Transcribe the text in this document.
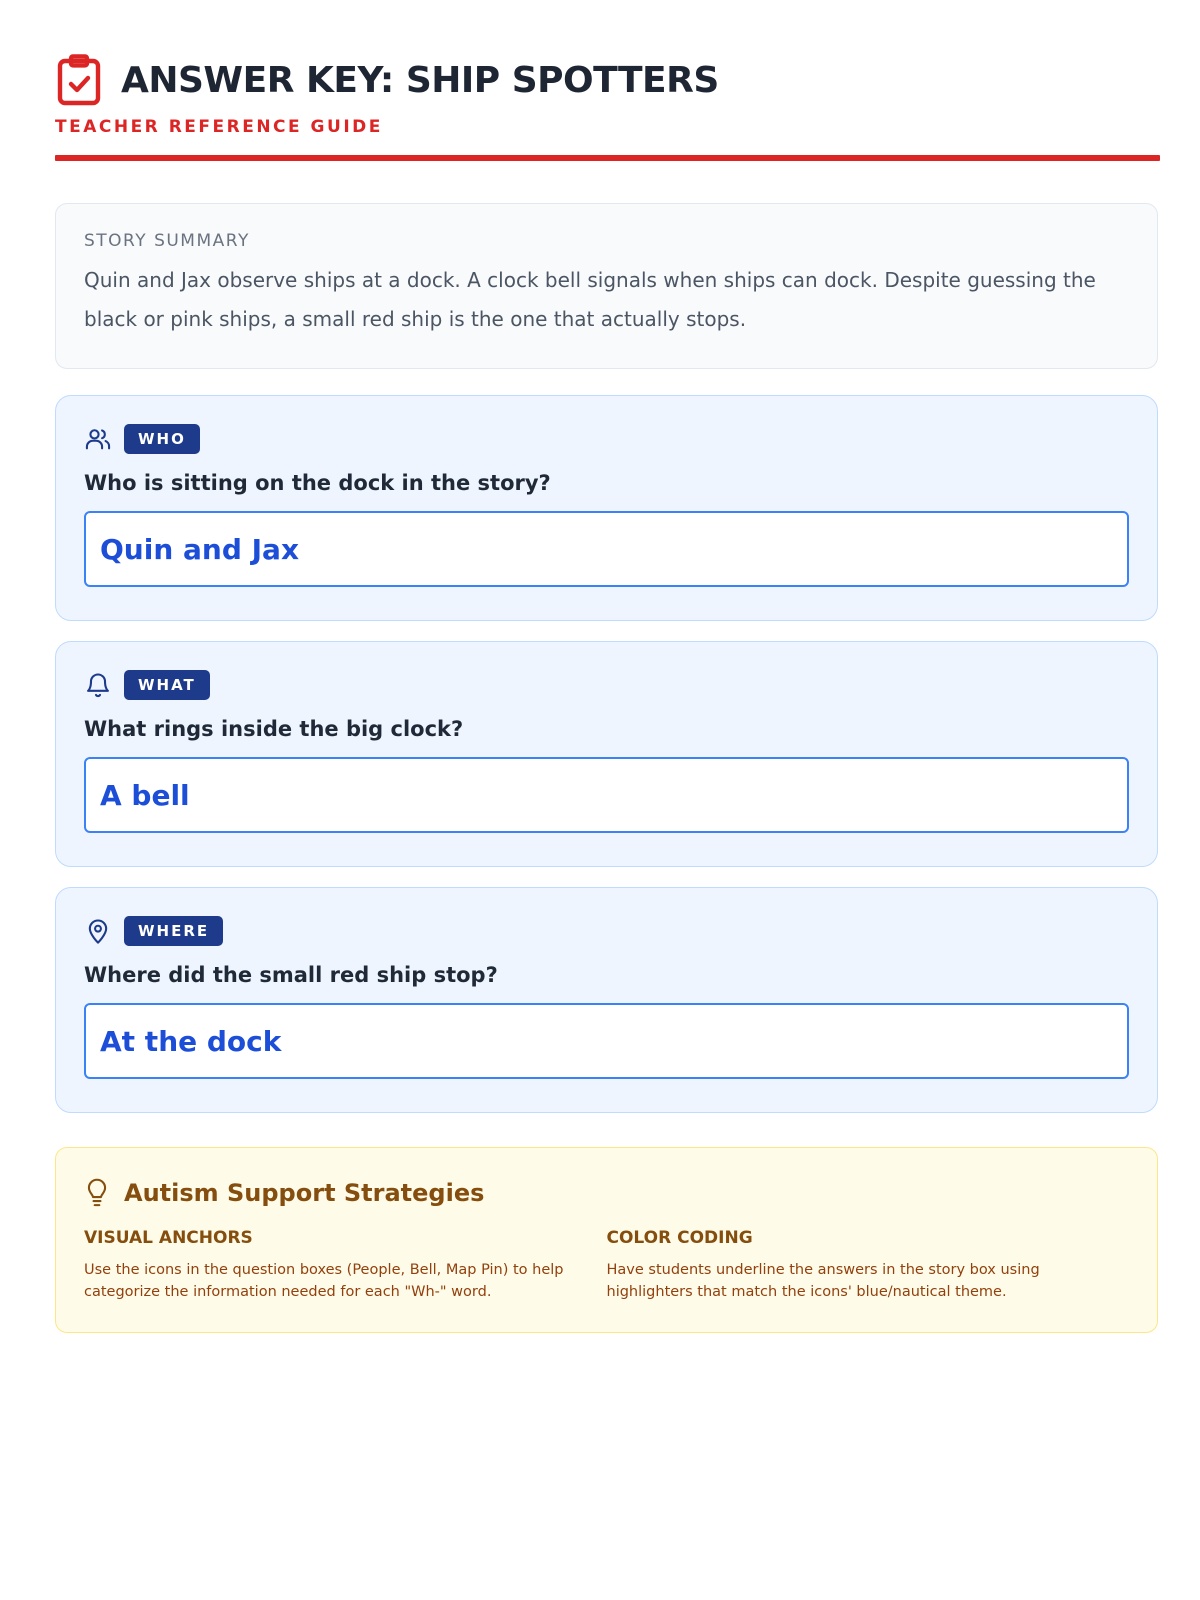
ANSWER KEY: SHIP SPOTTERS
TEACHER REFERENCE GUIDE
STORY SUMMARY
Quin and Jax observe ships at a dock. A clock bell signals when ships can dock. Despite guessing the black or pink ships, a small red ship is the one that actually stops.
WHO
Who is sitting on the dock in the story?
Quin and Jax
WHAT
What rings inside the big clock?
A bell
WHERE
Where did the small red ship stop?
At the dock
Autism Support Strategies
VISUAL ANCHORS
Use the icons in the question boxes (People, Bell, Map Pin) to help categorize the information needed for each "Wh-" word.
COLOR CODING
Have students underline the answers in the story box using highlighters that match the icons' blue/nautical theme.
